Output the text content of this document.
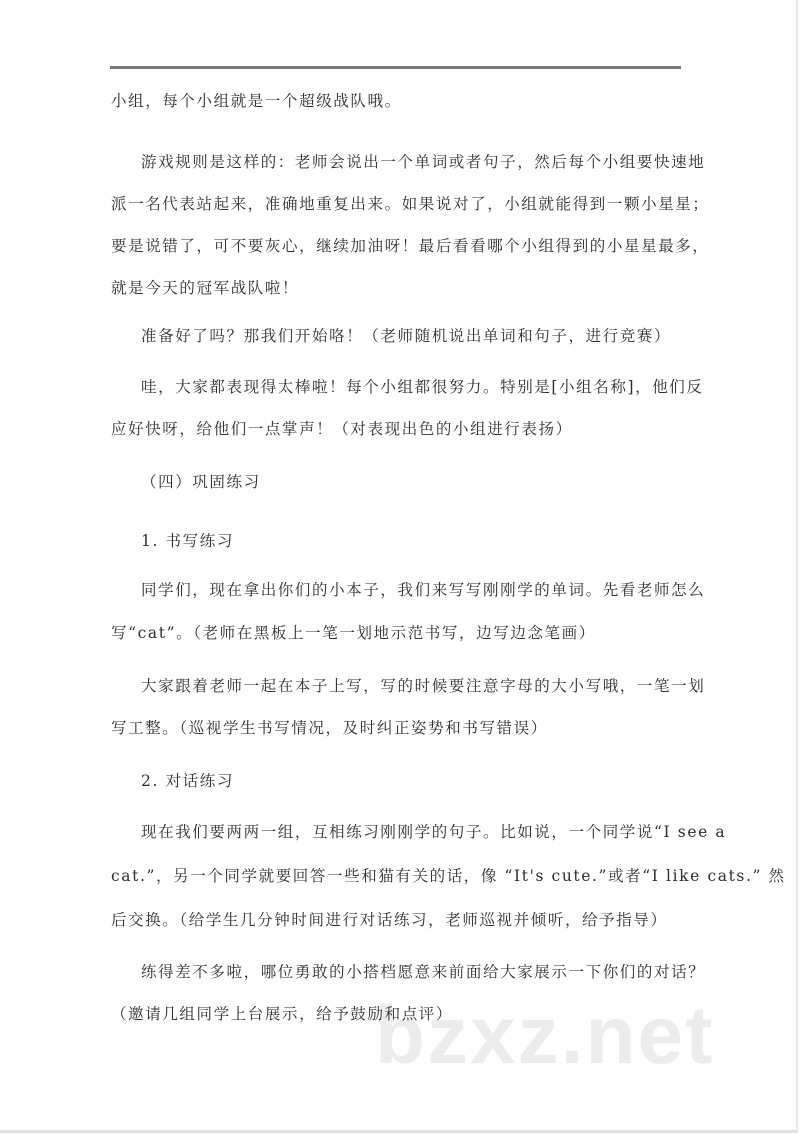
bzxz.net
小组，每个小组就是一个超级战队哦。
游戏规则是这样的：老师会说出一个单词或者句子，然后每个小组要快速地
派一名代表站起来，准确地重复出来。如果说对了，小组就能得到一颗小星星；
要是说错了，可不要灰心，继续加油呀！最后看看哪个小组得到的小星星最多，
就是今天的冠军战队啦！
准备好了吗？那我们开始咯！（老师随机说出单词和句子，进行竞赛）
哇，大家都表现得太棒啦！每个小组都很努力。特别是[小组名称]，他们反
应好快呀，给他们一点掌声！（对表现出色的小组进行表扬）
（四）巩固练习
1. 书写练习
同学们，现在拿出你们的小本子，我们来写写刚刚学的单词。先看老师怎么
写“cat”。（老师在黑板上一笔一划地示范书写，边写边念笔画）
大家跟着老师一起在本子上写，写的时候要注意字母的大小写哦，一笔一划
写工整。（巡视学生书写情况，及时纠正姿势和书写错误）
2. 对话练习
现在我们要两两一组，互相练习刚刚学的句子。比如说，一个同学说“I see a
cat.”，另一个同学就要回答一些和猫有关的话，像 “It's cute.”或者“I like cats.” 然
后交换。（给学生几分钟时间进行对话练习，老师巡视并倾听，给予指导）
练得差不多啦，哪位勇敢的小搭档愿意来前面给大家展示一下你们的对话？
（邀请几组同学上台展示，给予鼓励和点评）
